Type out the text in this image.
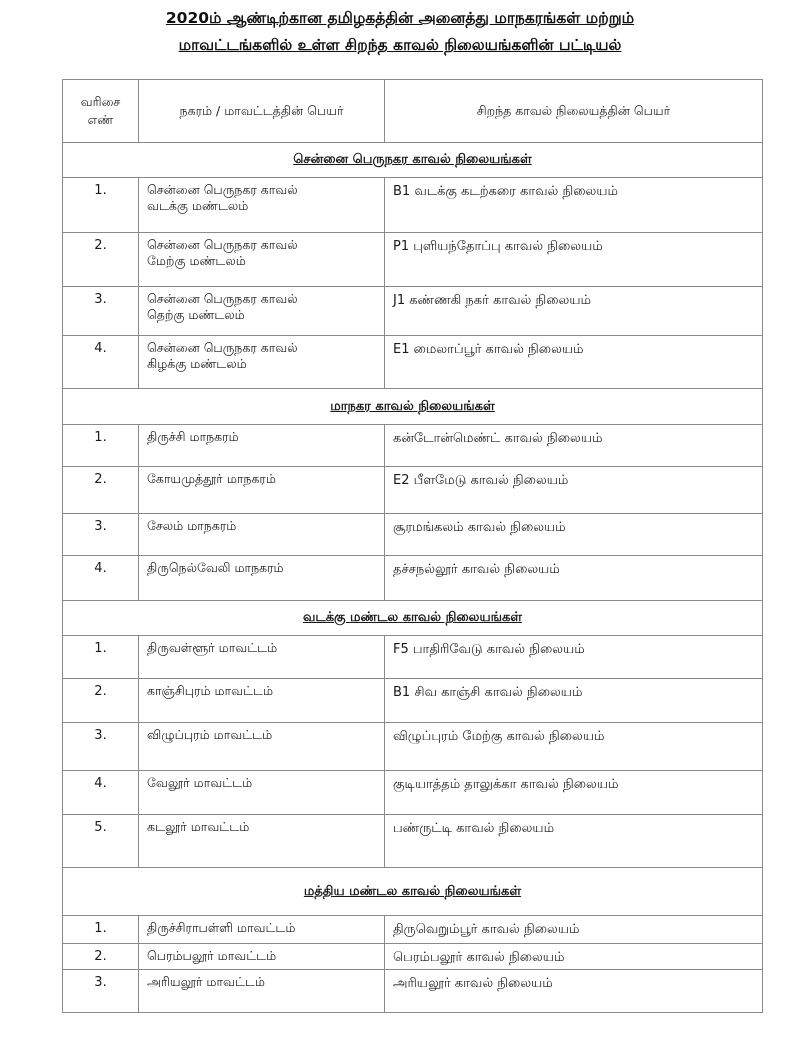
2020ம் ஆண்டிற்கான தமிழகத்தின் அனைத்து மாநகரங்கள் மற்றும்
மாவட்டங்களில் உள்ள சிறந்த காவல் நிலையங்களின் பட்டியல்
வரிசை
எண்	நகரம் / மாவட்டத்தின் பெயர்	சிறந்த காவல் நிலையத்தின் பெயர்
சென்னை பெருநகர காவல் நிலையங்கள்		
1.	சென்னை பெருநகர காவல்
வடக்கு மண்டலம்	B1 வடக்கு கடற்கரை காவல் நிலையம்
2.	சென்னை பெருநகர காவல்
மேற்கு மண்டலம்	P1 புளியந்தோப்பு காவல் நிலையம்
3.	சென்னை பெருநகர காவல்
தெற்கு மண்டலம்	J1 கண்ணகி நகர் காவல் நிலையம்
4.	சென்னை பெருநகர காவல்
கிழக்கு மண்டலம்	E1 மைலாப்பூர் காவல் நிலையம்
மாநகர காவல் நிலையங்கள்		
1.	திருச்சி மாநகரம்	கன்டோன்மெண்ட் காவல் நிலையம்
2.	கோயமுத்தூர் மாநகரம்	E2 பீளமேடு காவல் நிலையம்
3.	சேலம் மாநகரம்	சூரமங்கலம் காவல் நிலையம்
4.	திருநெல்வேலி மாநகரம்	தச்சநல்லூர் காவல் நிலையம்
வடக்கு மண்டல காவல் நிலையங்கள்		
1.	திருவள்ளூர் மாவட்டம்	F5 பாதிரிவேடு காவல் நிலையம்
2.	காஞ்சிபுரம் மாவட்டம்	B1 சிவ காஞ்சி காவல் நிலையம்
3.	விழுப்புரம் மாவட்டம்	விழுப்புரம் மேற்கு காவல் நிலையம்
4.	வேலூர் மாவட்டம்	குடியாத்தம் தாலுக்கா காவல் நிலையம்
5.	கடலூர் மாவட்டம்	பண்ருட்டி காவல் நிலையம்
மத்திய மண்டல காவல் நிலையங்கள்		
1.	திருச்சிராபள்ளி மாவட்டம்	திருவெறும்பூர் காவல் நிலையம்
2.	பெரம்பலூர் மாவட்டம்	பெரம்பலூர் காவல் நிலையம்
3.	அரியலூர் மாவட்டம்	அரியலூர் காவல் நிலையம்
